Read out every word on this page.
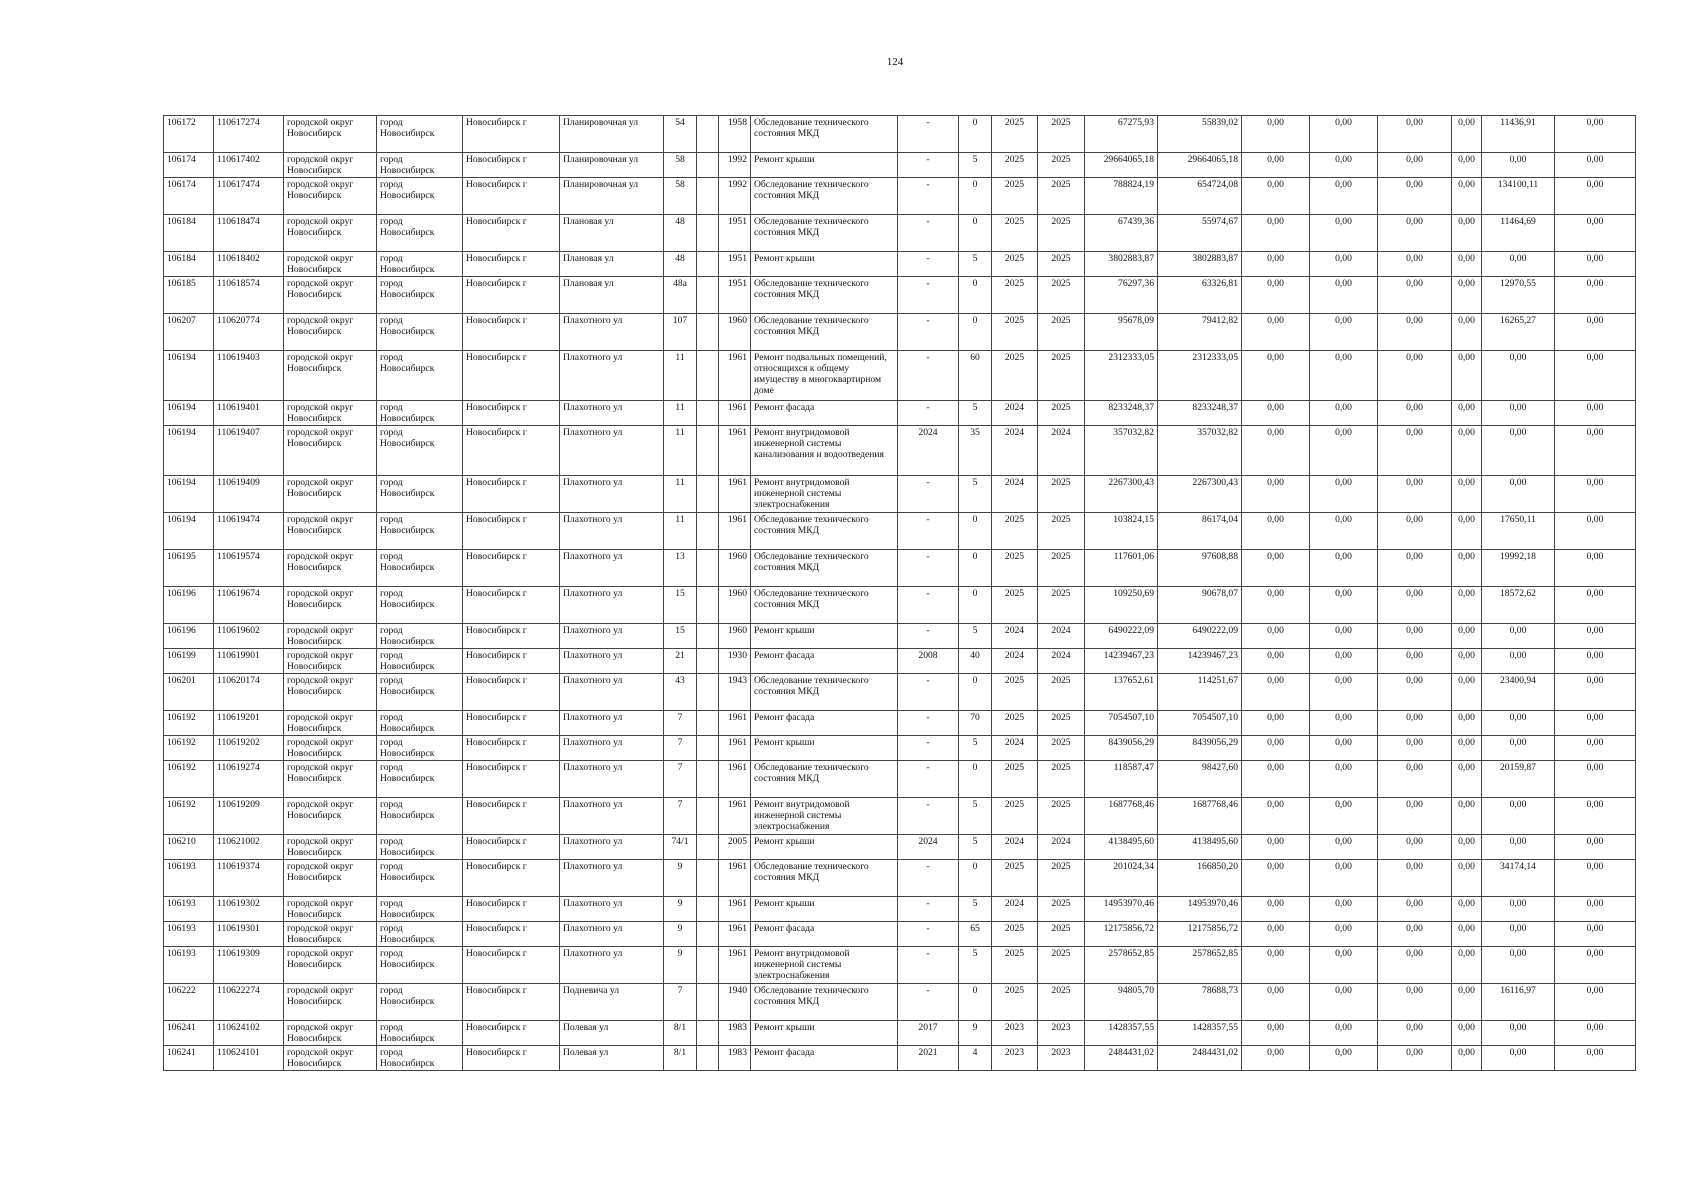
124
106172	110617274	городской округ Новосибирск	город Новосибирск	Новосибирск г	Планировочная ул	54		1958	Обследование технического состояния МКД	-	0	2025	2025	67275,93	55839,02	0,00	0,00	0,00	0,00	11436,91	0,00
106174	110617402	городской округ Новосибирск	город Новосибирск	Новосибирск г	Планировочная ул	58		1992	Ремонт крыши	-	5	2025	2025	29664065,18	29664065,18	0,00	0,00	0,00	0,00	0,00	0,00
106174	110617474	городской округ Новосибирск	город Новосибирск	Новосибирск г	Планировочная ул	58		1992	Обследование технического состояния МКД	-	0	2025	2025	788824,19	654724,08	0,00	0,00	0,00	0,00	134100,11	0,00
106184	110618474	городской округ Новосибирск	город Новосибирск	Новосибирск г	Плановая ул	48		1951	Обследование технического состояния МКД	-	0	2025	2025	67439,36	55974,67	0,00	0,00	0,00	0,00	11464,69	0,00
106184	110618402	городской округ Новосибирск	город Новосибирск	Новосибирск г	Плановая ул	48		1951	Ремонт крыши	-	5	2025	2025	3802883,87	3802883,87	0,00	0,00	0,00	0,00	0,00	0,00
106185	110618574	городской округ Новосибирск	город Новосибирск	Новосибирск г	Плановая ул	48а		1951	Обследование технического состояния МКД	-	0	2025	2025	76297,36	63326,81	0,00	0,00	0,00	0,00	12970,55	0,00
106207	110620774	городской округ Новосибирск	город Новосибирск	Новосибирск г	Плахотного ул	107		1960	Обследование технического состояния МКД	-	0	2025	2025	95678,09	79412,82	0,00	0,00	0,00	0,00	16265,27	0,00
106194	110619403	городской округ Новосибирск	город Новосибирск	Новосибирск г	Плахотного ул	11		1961	Ремонт подвальных помещений, относящихся к общему имуществу в многоквартирном доме	-	60	2025	2025	2312333,05	2312333,05	0,00	0,00	0,00	0,00	0,00	0,00
106194	110619401	городской округ Новосибирск	город Новосибирск	Новосибирск г	Плахотного ул	11		1961	Ремонт фасада	-	5	2024	2025	8233248,37	8233248,37	0,00	0,00	0,00	0,00	0,00	0,00
106194	110619407	городской округ Новосибирск	город Новосибирск	Новосибирск г	Плахотного ул	11		1961	Ремонт внутридомовой инженерной системы канализования и водоотведения	2024	35	2024	2024	357032,82	357032,82	0,00	0,00	0,00	0,00	0,00	0,00
106194	110619409	городской округ Новосибирск	город Новосибирск	Новосибирск г	Плахотного ул	11		1961	Ремонт внутридомовой инженерной системы электроснабжения	-	5	2024	2025	2267300,43	2267300,43	0,00	0,00	0,00	0,00	0,00	0,00
106194	110619474	городской округ Новосибирск	город Новосибирск	Новосибирск г	Плахотного ул	11		1961	Обследование технического состояния МКД	-	0	2025	2025	103824,15	86174,04	0,00	0,00	0,00	0,00	17650,11	0,00
106195	110619574	городской округ Новосибирск	город Новосибирск	Новосибирск г	Плахотного ул	13		1960	Обследование технического состояния МКД	-	0	2025	2025	117601,06	97608,88	0,00	0,00	0,00	0,00	19992,18	0,00
106196	110619674	городской округ Новосибирск	город Новосибирск	Новосибирск г	Плахотного ул	15		1960	Обследование технического состояния МКД	-	0	2025	2025	109250,69	90678,07	0,00	0,00	0,00	0,00	18572,62	0,00
106196	110619602	городской округ Новосибирск	город Новосибирск	Новосибирск г	Плахотного ул	15		1960	Ремонт крыши	-	5	2024	2024	6490222,09	6490222,09	0,00	0,00	0,00	0,00	0,00	0,00
106199	110619901	городской округ Новосибирск	город Новосибирск	Новосибирск г	Плахотного ул	21		1930	Ремонт фасада	2008	40	2024	2024	14239467,23	14239467,23	0,00	0,00	0,00	0,00	0,00	0,00
106201	110620174	городской округ Новосибирск	город Новосибирск	Новосибирск г	Плахотного ул	43		1943	Обследование технического состояния МКД	-	0	2025	2025	137652,61	114251,67	0,00	0,00	0,00	0,00	23400,94	0,00
106192	110619201	городской округ Новосибирск	город Новосибирск	Новосибирск г	Плахотного ул	7		1961	Ремонт фасада	-	70	2025	2025	7054507,10	7054507,10	0,00	0,00	0,00	0,00	0,00	0,00
106192	110619202	городской округ Новосибирск	город Новосибирск	Новосибирск г	Плахотного ул	7		1961	Ремонт крыши	-	5	2024	2025	8439056,29	8439056,29	0,00	0,00	0,00	0,00	0,00	0,00
106192	110619274	городской округ Новосибирск	город Новосибирск	Новосибирск г	Плахотного ул	7		1961	Обследование технического состояния МКД	-	0	2025	2025	118587,47	98427,60	0,00	0,00	0,00	0,00	20159,87	0,00
106192	110619209	городской округ Новосибирск	город Новосибирск	Новосибирск г	Плахотного ул	7		1961	Ремонт внутридомовой инженерной системы электроснабжения	-	5	2025	2025	1687768,46	1687768,46	0,00	0,00	0,00	0,00	0,00	0,00
106210	110621002	городской округ Новосибирск	город Новосибирск	Новосибирск г	Плахотного ул	74/1		2005	Ремонт крыши	2024	5	2024	2024	4138495,60	4138495,60	0,00	0,00	0,00	0,00	0,00	0,00
106193	110619374	городской округ Новосибирск	город Новосибирск	Новосибирск г	Плахотного ул	9		1961	Обследование технического состояния МКД	-	0	2025	2025	201024,34	166850,20	0,00	0,00	0,00	0,00	34174,14	0,00
106193	110619302	городской округ Новосибирск	город Новосибирск	Новосибирск г	Плахотного ул	9		1961	Ремонт крыши	-	5	2024	2025	14953970,46	14953970,46	0,00	0,00	0,00	0,00	0,00	0,00
106193	110619301	городской округ Новосибирск	город Новосибирск	Новосибирск г	Плахотного ул	9		1961	Ремонт фасада	-	65	2025	2025	12175856,72	12175856,72	0,00	0,00	0,00	0,00	0,00	0,00
106193	110619309	городской округ Новосибирск	город Новосибирск	Новосибирск г	Плахотного ул	9		1961	Ремонт внутридомовой инженерной системы электроснабжения	-	5	2025	2025	2578652,85	2578652,85	0,00	0,00	0,00	0,00	0,00	0,00
106222	110622274	городской округ Новосибирск	город Новосибирск	Новосибирск г	Подневича ул	7		1940	Обследование технического состояния МКД	-	0	2025	2025	94805,70	78688,73	0,00	0,00	0,00	0,00	16116,97	0,00
106241	110624102	городской округ Новосибирск	город Новосибирск	Новосибирск г	Полевая ул	8/1		1983	Ремонт крыши	2017	9	2023	2023	1428357,55	1428357,55	0,00	0,00	0,00	0,00	0,00	0,00
106241	110624101	городской округ Новосибирск	город Новосибирск	Новосибирск г	Полевая ул	8/1		1983	Ремонт фасада	2021	4	2023	2023	2484431,02	2484431,02	0,00	0,00	0,00	0,00	0,00	0,00
